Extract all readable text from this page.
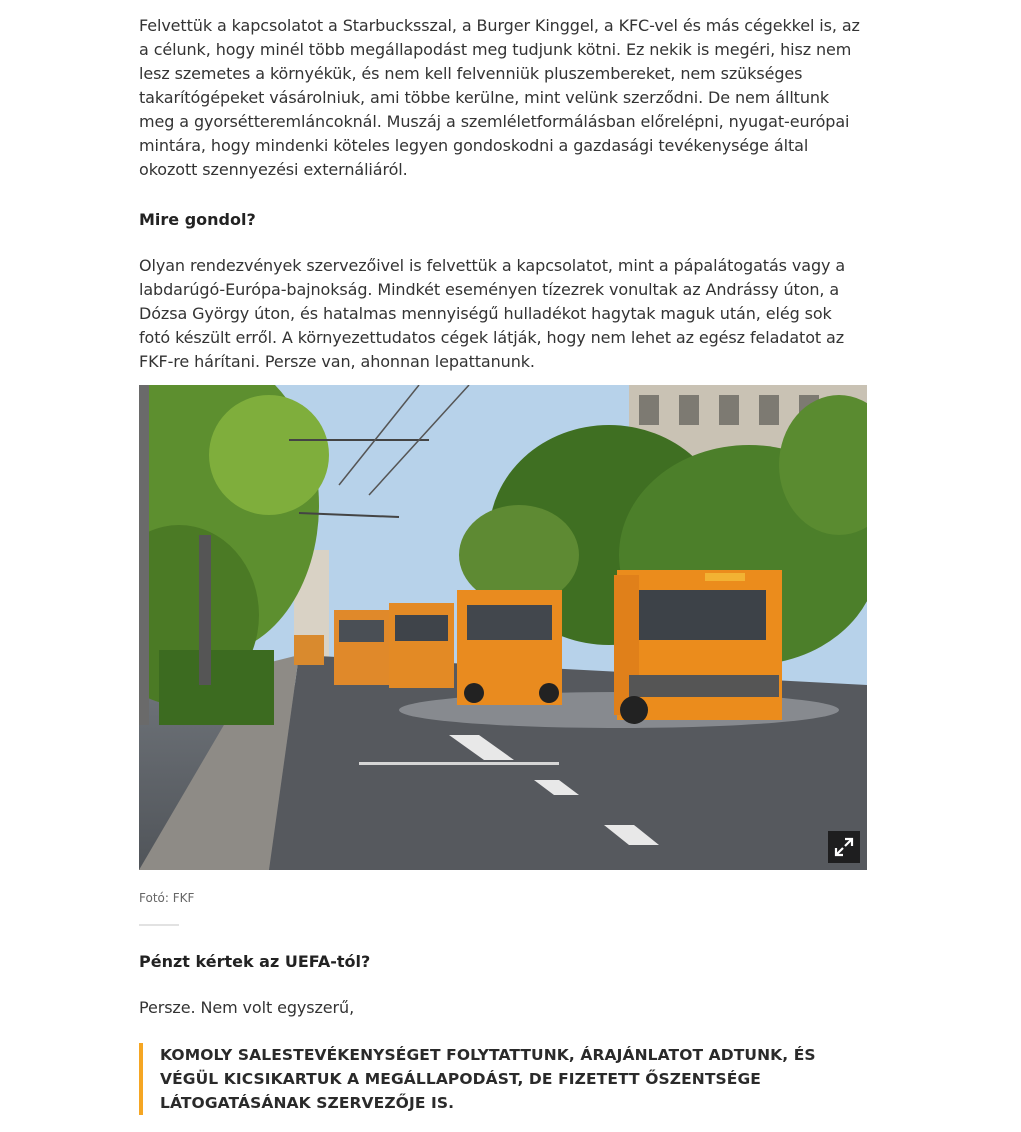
Felvettük a kapcsolatot a Starbucksszal, a Burger Kinggel, a KFC-vel és más cégekkel is, az a célunk, hogy minél több megállapodást meg tudjunk kötni. Ez nekik is megéri, hisz nem lesz szemetes a környékük, és nem kell felvenniük pluszembereket, nem szükséges takarítógépeket vásárolniuk, ami többe kerülne, mint velünk szerződni. De nem álltunk meg a gyorsétteremláncoknál. Muszáj a szemléletformálásban előrelépni, nyugat-európai mintára, hogy mindenki köteles legyen gondoskodni a gazdasági tevékenysége által okozott szennyezési externáliáról.

Mire gondol?

Olyan rendezvények szervezőivel is felvettük a kapcsolatot, mint a pápalátogatás vagy a labdarúgó-Európa-bajnokság. Mindkét eseményen tízezrek vonultak az Andrássy úton, a Dózsa György úton, és hatalmas mennyiségű hulladékot hagytak maguk után, elég sok fotó készült erről. A környezettudatos cégek látják, hogy nem lehet az egész feladatot az FKF-re hárítani. Persze van, ahonnan lepattanunk.

Fotó: FKF

Pénzt kértek az UEFA-tól?

Persze. Nem volt egyszerű,

KOMOLY SALESTEVÉKENYSÉGET FOLYTATTUNK, ÁRAJÁNLATOT ADTUNK, ÉS VÉGÜL KICSIKARTUK A MEGÁLLAPODÁST, DE FIZETETT ŐSZENTSÉGE LÁTOGATÁSÁNAK SZERVEZŐJE IS.
